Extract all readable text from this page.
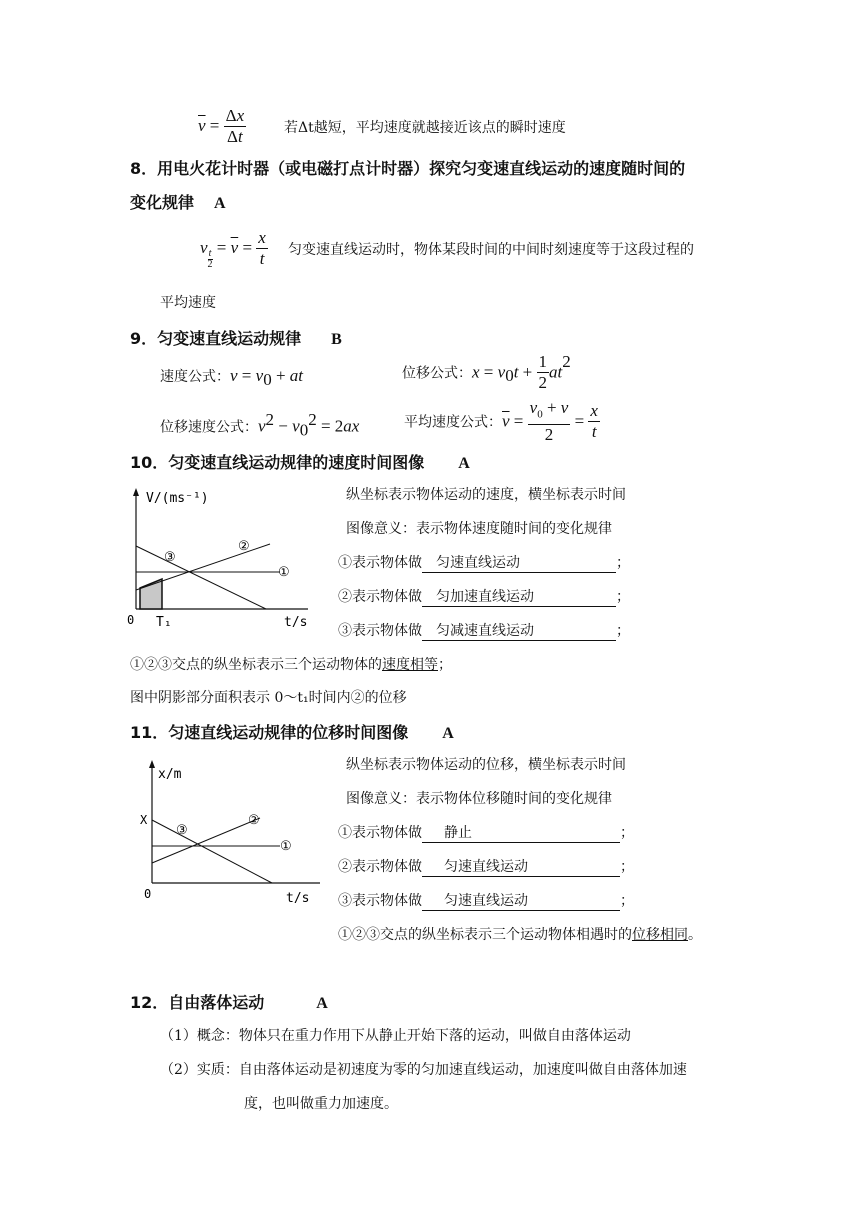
$\overline{v} = \frac{\Delta x}{\Delta t}$	若Δt越短，平均速度就越接近该点的瞬时速度
8．用电火花计时器（或电磁打点计时器）探究匀变速直线运动的速度随时间的
变化规律 A
v
$\frac{t}{2}$
= $\overline{v} = \frac{x}{t}$ 匀变速直线运动时，物体某段时间的中间时刻速度等于这段过程的
平均速度
9．匀变速直线运动规律 B
速度公式：$v = v_0$ + at	位移公式：$x = v_0t + \frac{1}{2} at^2$
位移速度公式：$v^2 - v_0^2 = 2ax$	平均速度公式：$\overline{v} = \frac{v_0 + v}{2} = \frac{x}{t}$
10．匀变速直线运动规律的速度时间图像 A
V/(ms⁻¹)
③
②
①
0 T₁	t/s
纵坐标表示物体运动的速度，横坐标表示时间
图像意义：表示物体速度随时间的变化规律
①表示物体做 匀速直线运动	；
②表示物体做 匀加速直线运动	；
③表示物体做 匀减速直线运动	；
①②③交点的纵坐标表示三个运动物体的速度相等；
图中阴影部分面积表示 0～t₁时间内②的位移
11．匀速直线运动规律的位移时间图像 A
x/m
X
③
②
①
0	t/s
纵坐标表示物体运动的位移，横坐标表示时间
图像意义：表示物体位移随时间的变化规律
①表示物体做 静止	；
②表示物体做 匀速直线运动	；
③表示物体做 匀速直线运动	；
①②③交点的纵坐标表示三个运动物体相遇时的位移相同。
12．自由落体运动	A
（1）概念：物体只在重力作用下从静止开始下落的运动，叫做自由落体运动
（2）实质：自由落体运动是初速度为零的匀加速直线运动，加速度叫做自由落体加速
度，也叫做重力加速度。
